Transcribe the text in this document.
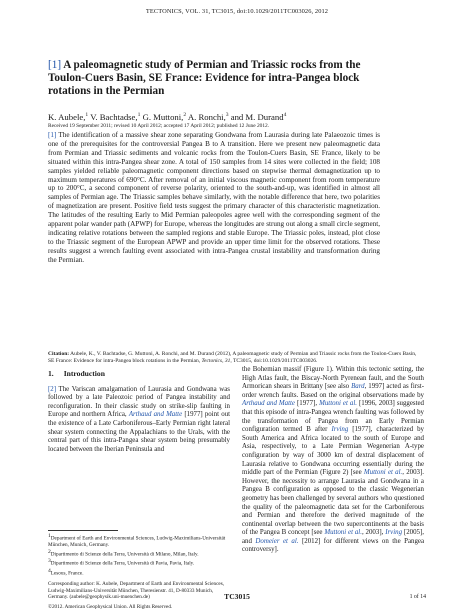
TECTONICS, VOL. 31, TC3015, doi:10.1029/2011TC003026, 2012
[1] A paleomagnetic study of Permian and Triassic rocks from the Toulon-Cuers Basin, SE France: Evidence for intra-Pangea block rotations in the Permian
K. Aubele,$^1$ V. Bachtadse,$^1$ G. Muttoni,$^2$ A. Ronchi,$^3$ and M. Durand$^4$
Received 19 September 2011; revised 10 April 2012; accepted 17 April 2012; published 12 June 2012.
[1] The identification of a massive shear zone separating Gondwana from Laurasia during late Palaeozoic times is one of the prerequisites for the controversial Pangea B to A transition. Here we present new paleomagnetic data from Permian and Triassic sediments and volcanic rocks from the Toulon-Cuers Basin, SE France, likely to be situated within this intra-Pangea shear zone. A total of 150 samples from 14 sites were collected in the field; 108 samples yielded reliable paleomagnetic component directions based on stepwise thermal demagnetization up to maximum temperatures of 690°C. After removal of an initial viscous magnetic component from room temperature up to 200°C, a second component of reverse polarity, oriented to the south-and-up, was identified in almost all samples of Permian age. The Triassic samples behave similarly, with the notable difference that here, two polarities of magnetization are present. Positive field tests suggest the primary character of this characteristic magnetization. The latitudes of the resulting Early to Mid Permian paleopoles agree well with the corresponding segment of the apparent polar wander path (APWP) for Europe, whereas the longitudes are strung out along a small circle segment, indicating relative rotations between the sampled regions and stable Europe. The Triassic poles, instead, plot close to the Triassic segment of the European APWP and provide an upper time limit for the observed rotations. These results suggest a wrench faulting event associated with intra-Pangea crustal instability and transformation during the Permian.
Citation: Aubele, K., V. Bachtadse, G. Muttoni, A. Ronchi, and M. Durand (2012), A paleomagnetic study of Permian and Triassic rocks from the Toulon-Cuers Basin, SE France: Evidence for intra-Pangea block rotations in the Permian, Tectonics, 31, TC3015, doi:10.1029/2011TC003026.
1. Introduction
[2] The Variscan amalgamation of Laurasia and Gondwana was followed by a late Paleozoic period of Pangea instability and reconfiguration. In their classic study on strike-slip faulting in Europe and northern Africa, Arthaud and Matte [1977] point out the existence of a Late Carboniferous–Early Permian right lateral shear system connecting the Appalachians to the Urals, with the central part of this intra-Pangea shear system being presumably located between the Iberian Peninsula and
the Bohemian massif (Figure 1). Within this tectonic setting, the High Atlas fault, the Biscay-North Pyrenean fault, and the South Armorican shears in Brittany [see also Bard, 1997] acted as first-order wrench faults. Based on the original observations made by Arthaud and Matte [1977], Muttoni et al. [1996, 2003] suggested that this episode of intra-Pangea wrench faulting was followed by the transformation of Pangea from an Early Permian configuration termed B after Irving [1977], characterized by South America and Africa located to the south of Europe and Asia, respectively, to a Late Permian Wegenerian A-type configuration by way of 3000 km of dextral displacement of Laurasia relative to Gondwana occurring essentially during the middle part of the Permian (Figure 2) [see Muttoni et al., 2003]. However, the necessity to arrange Laurasia and Gondwana in a Pangea B configuration as opposed to the classic Wegenerian geometry has been challenged by several authors who questioned the quality of the paleomagnetic data set for the Carboniferous and Permian and therefore the derived magnitude of the continental overlap between the two supercontinents at the basis of the Pangea B concept [see Muttoni et al., 2003], Irving [2005], and Domeier et al. [2012] for different views on the Pangea controversy].
$^1$Department of Earth and Environmental Sciences, Ludwig-Maximilians-Universität München, Munich, Germany.
$^2$Dipartimento di Scienze della Terra, Università di Milano, Milan, Italy.
$^3$Dipartimento di Scienze della Terra, Università di Pavia, Pavia, Italy.
$^4$Lesous, France.
Corresponding author: K. Aubele, Department of Earth and Environmental Sciences, Ludwig-Maximilians-Universität München, Theresienstr. 41, D-80333 Munich, Germany. (aubele@geophysik.uni-muenchen.de)
©2012. American Geophysical Union. All Rights Reserved.
TC3015	1 of 14
